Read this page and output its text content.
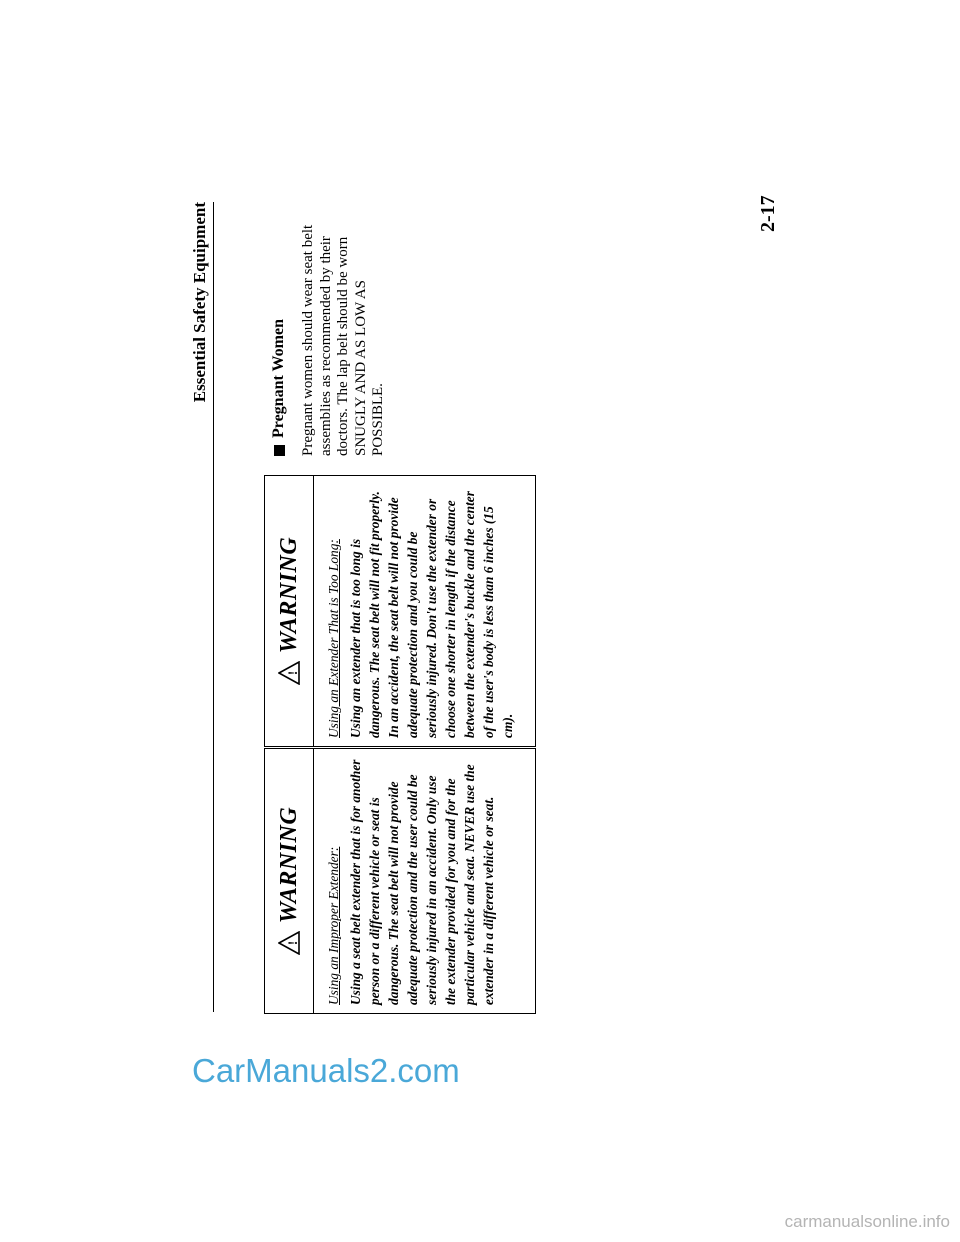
Essential Safety Equipment
!
WARNING Using an Improper Extender: Using a seat belt extender that is for another person or a different vehicle or seat is dangerous. The seat belt will not provide adequate protection and the user could be seriously injured in an accident. Only use the extender provided for you and for the particular vehicle and seat. NEVER use the extender in a different vehicle or seat.
!
WARNING Using an Extender That is Too Long: Using an extender that is too long is dangerous. The seat belt will not fit properly. In an accident, the seat belt will not provide adequate protection and you could be seriously injured. Don't use the extender or choose one shorter in length if the distance between the extender's buckle and the center of the user's body is less than 6 inches (15 cm).
Pregnant Women Pregnant women should wear seat belt assemblies as recommended by their doctors. The lap belt should be worn SNUGLY AND AS LOW AS POSSIBLE.
2-17
CarManuals2.com
carmanualsonline.info
